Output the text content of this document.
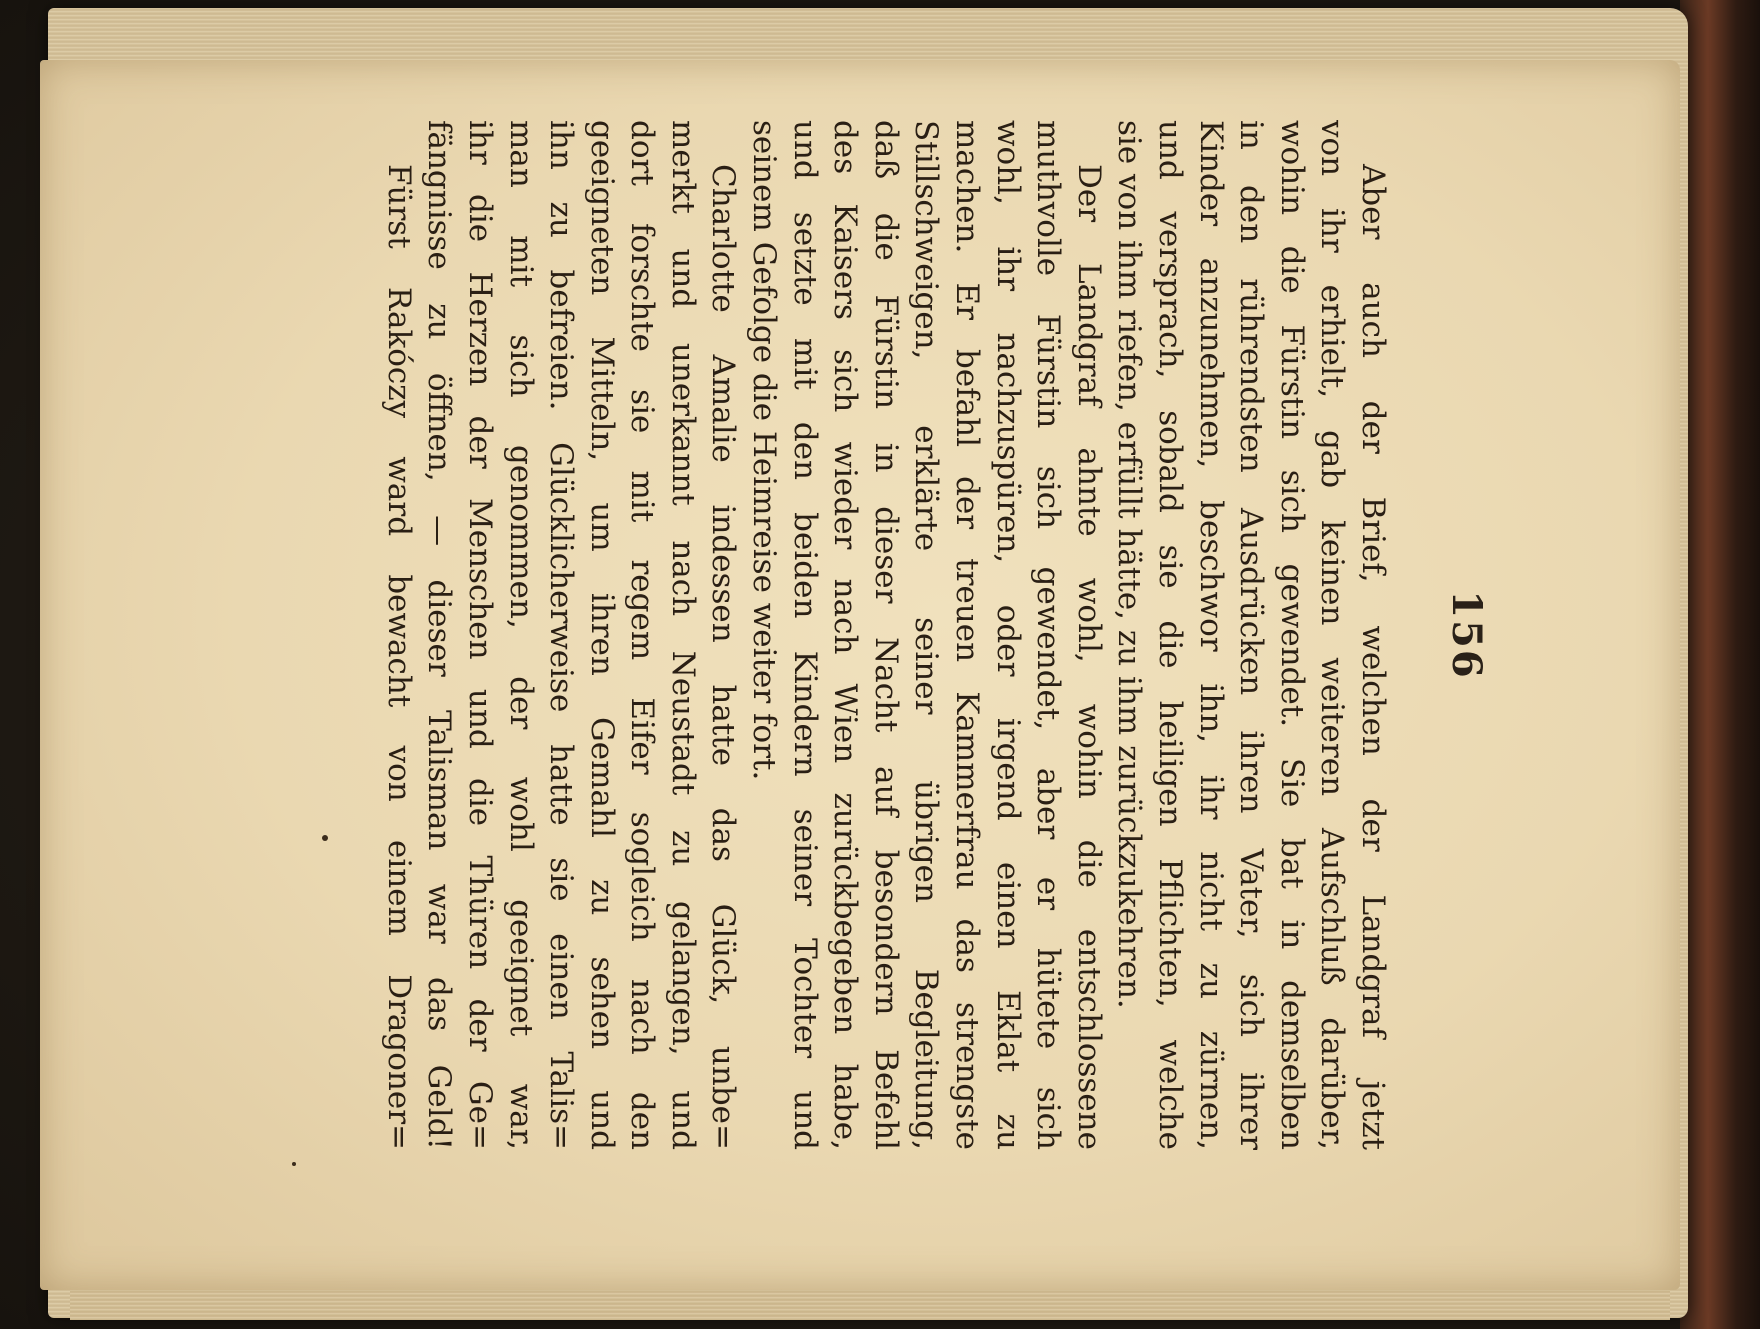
156
Aber auch der Brief, welchen der Landgraf jetzt
von ihr erhielt, gab keinen weiteren Aufschluß darüber,
wohin die Fürstin sich gewendet. Sie bat in demselben
in den rührendsten Ausdrücken ihren Vater, sich ihrer
Kinder anzunehmen, beschwor ihn, ihr nicht zu zürnen,
und versprach, sobald sie die heiligen Pflichten, welche
sie von ihm riefen, erfüllt hätte, zu ihm zurückzukehren.
Der Landgraf ahnte wohl, wohin die entschlossene
muthvolle Fürstin sich gewendet, aber er hütete sich
wohl, ihr nachzuspüren, oder irgend einen Eklat zu
machen. Er befahl der treuen Kammerfrau das strengste
Stillschweigen, erklärte seiner übrigen Begleitung,
daß die Fürstin in dieser Nacht auf besondern Befehl
des Kaisers sich wieder nach Wien zurückbegeben habe,
und setzte mit den beiden Kindern seiner Tochter und
seinem Gefolge die Heimreise weiter fort.
Charlotte Amalie indessen hatte das Glück, unbe=
merkt und unerkannt nach Neustadt zu gelangen, und
dort forschte sie mit regem Eifer sogleich nach den
geeigneten Mitteln, um ihren Gemahl zu sehen und
ihn zu befreien. Glücklicherweise hatte sie einen Talis=
man mit sich genommen, der wohl geeignet war,
ihr die Herzen der Menschen und die Thüren der Ge=
fängnisse zu öffnen, — dieser Talisman war das Geld!
Fürst Rakóczy ward bewacht von einem Dragoner=
